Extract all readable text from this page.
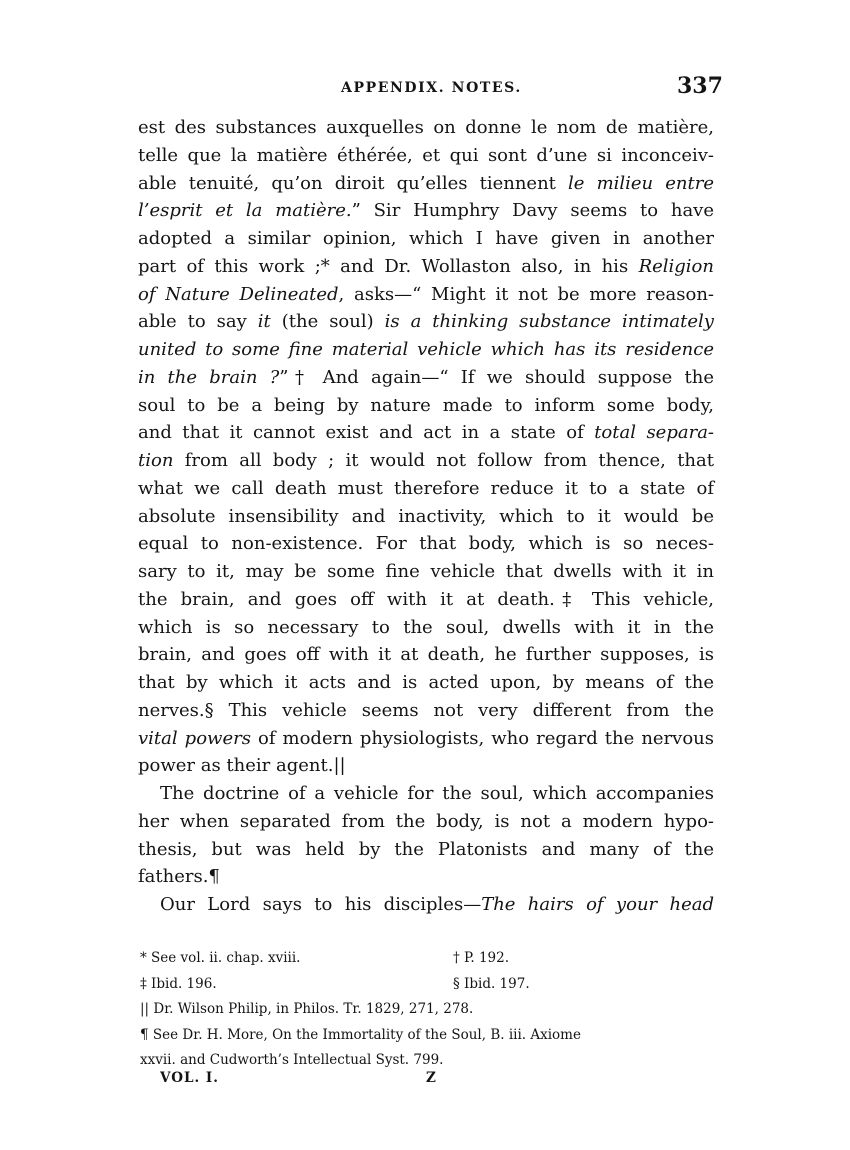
APPENDIX. NOTES.	337
est des substances auxquelles on donne le nom de matière,
telle que la matière éthérée, et qui sont d’une si inconceiv-
able tenuité, qu’on diroit qu’elles tiennent le milieu entre
l’esprit et la matière.” Sir Humphry Davy seems to have
adopted a similar opinion, which I have given in another
part of this work ;* and Dr. Wollaston also, in his Religion
of Nature Delineated, asks—“ Might it not be more reason-
able to say it (the soul) is a thinking substance intimately
united to some fine material vehicle which has its residence
in the brain ?”† And again—“ If we should suppose the
soul to be a being by nature made to inform some body,
and that it cannot exist and act in a state of total separa-
tion from all body ; it would not follow from thence, that
what we call death must therefore reduce it to a state of
absolute insensibility and inactivity, which to it would be
equal to non-existence. For that body, which is so neces-
sary to it, may be some fine vehicle that dwells with it in
the brain, and goes off with it at death.‡ This vehicle,
which is so necessary to the soul, dwells with it in the
brain, and goes off with it at death, he further supposes, is
that by which it acts and is acted upon, by means of the
nerves.§ This vehicle seems not very different from the
vital powers of modern physiologists, who regard the nervous
power as their agent.||
The doctrine of a vehicle for the soul, which accompanies
her when separated from the body, is not a modern hypo-
thesis, but was held by the Platonists and many of the
fathers.¶
Our Lord says to his disciples—The hairs of your head
* See vol. ii. chap. xviii.	† P. 192.
‡ Ibid. 196.	§ Ibid. 197.
|| Dr. Wilson Philip, in Philos. Tr. 1829, 271, 278.
¶ See Dr. H. More, On the Immortality of the Soul, B. iii. Axiome
xxvii. and Cudworth’s Intellectual Syst. 799.
VOL. I.	Z
